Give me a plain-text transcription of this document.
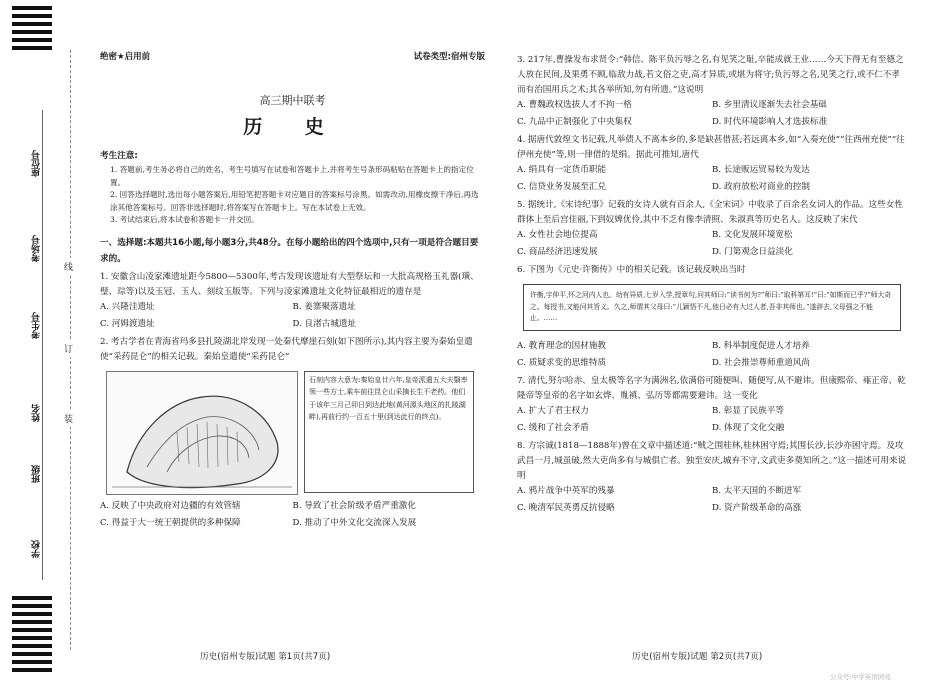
座位号
考场号
考生号
姓名
班级
学校
线
订
装
绝密★启用前	试卷类型:宿州专版
高三期中联考
历 史
考生注意:
1. 答题前,考生务必将自己的姓名、考生号填写在试卷和答题卡上,并将考生号条形码粘贴在答题卡上的指定位置。
2. 回答选择题时,选出每小题答案后,用铅笔把答题卡对应题目的答案标号涂黑。如需改动,用橡皮擦干净后,再选涂其他答案标号。回答非选择题时,将答案写在答题卡上。写在本试卷上无效。
3. 考试结束后,将本试卷和答题卡一并交回。
一、选择题:本题共16小题,每小题3分,共48分。在每小题给出的四个选项中,只有一项是符合题目要求的。
1. 安徽含山凌家滩遗址距今5800—5300年,考古发现该遗址有大型祭坛和一大批高规格玉礼器(璜、璧、琮等)以及玉冠、玉人、刻纹玉版等。下列与凌家滩遗址文化特征最相近的遗存是
A. 兴隆洼遗址	B. 姜寨聚落遗址
C. 河姆渡遗址	D. 良渚古城遗址
2. 考古学者在青海省玛多县扎陵湖北岸发现一处秦代摩崖石刻(如下图所示),其内容主要为秦始皇遣使“采药昆仑”的相关记载。秦始皇遣使“采药昆仑”
石刻内容大意为:秦始皇廿六年,皇帝派遣五大夫翳率领一些方士,乘车前往昆仑山采摘长生不老药。他们于该年三月己卯日到达此地(黄河源头地区的扎陵湖畔),再前行约一百五十里(到达此行的终点)。
A. 反映了中央政府对边疆的有效管辖	B. 导致了社会阶级矛盾严重激化
C. 得益于大一统王朝提供的多种保障	D. 推动了中外文化交流深入发展
3. 217年,曹操发布求贤令:“韩信、陈平负污辱之名,有见笑之耻,卒能成就王业……今天下得无有至德之人放在民间,及果勇不顾,临敌力战,若文俗之吏,高才异质,或堪为将守;负污辱之名,见笑之行,或不仁不孝而有治国用兵之术;其各举所知,勿有所遗。”这说明
A. 曹魏政权选拔人才不拘一格	B. 乡里清议逐渐失去社会基础
C. 九品中正制强化了中央集权	D. 时代环境影响人才选拔标准
4. 据唐代敦煌文书记载,凡举债人不离本乡的,多是缺甚借甚;若远离本乡,如“入奏充使”“往西州充使”“往伊州充使”等,则一律借的是绢。据此可推知,唐代
A. 绢具有一定货币职能	B. 长途贩运贸易较为发达
C. 信贷业务发展至汇兑	D. 政府放松对商业的控制
5. 据统计,《宋诗纪事》记载的女诗人就有百余人,《全宋词》中收录了百余名女词人的作品。这些女性群体上至后宫佳丽,下到奴婢优伶,其中不乏有像李清照、朱淑真等历史名人。这反映了宋代
A. 女性社会地位提高	B. 文化发展环境宽松
C. 商品经济迅速发展	D. 门第观念日益淡化
6. 下图为《元史·许衡传》中的相关记载。该记载反映出当时
许衡,字仲平,怀之河内人也。幼有异质,七岁入学,授章句,问其师曰:“读书何为?”师曰:“取科第耳!”曰:“如斯而已乎?”师大奇之。每授书,又能问其旨义。久之,师谓其父母曰:“儿颖悟不凡,他日必有大过人者,吾非其师也。”遂辞去,父母强之不能止。……
A. 教育理念的因材施教	B. 科举制度促进人才培养
C. 质疑求变的思维特质	D. 社会推崇尊师重道风尚
7. 清代,努尔哈赤、皇太极等名字为满洲名,依满俗可随便叫、随便写,从不避讳。但康熙帝、雍正帝、乾隆帝等皇帝的名字如玄烨、胤禛、弘历等都需要避讳。这一变化
A. 扩大了君主权力	B. 彰显了民族平等
C. 缓和了社会矛盾	D. 体现了文化交融
8. 方宗诚(1818—1888年)曾在文章中描述道:“贼之围桂林,桂林困守焉;其围长沙,长沙亦困守焉。及攻武昌一月,城虽破,然大吏尚多有与城俱亡者。独至安庆,城弃不守,文武吏多奠知所之。”这一描述可用来说明
A. 鸦片战争中英军的残暴	B. 太平天国的不断进军
C. 晚清军民英勇反抗侵略	D. 资产阶级革命的高涨
历史(宿州专版)试题 第1页(共7页)	历史(宿州专版)试题 第2页(共7页)
公众号:中学英语园苑
